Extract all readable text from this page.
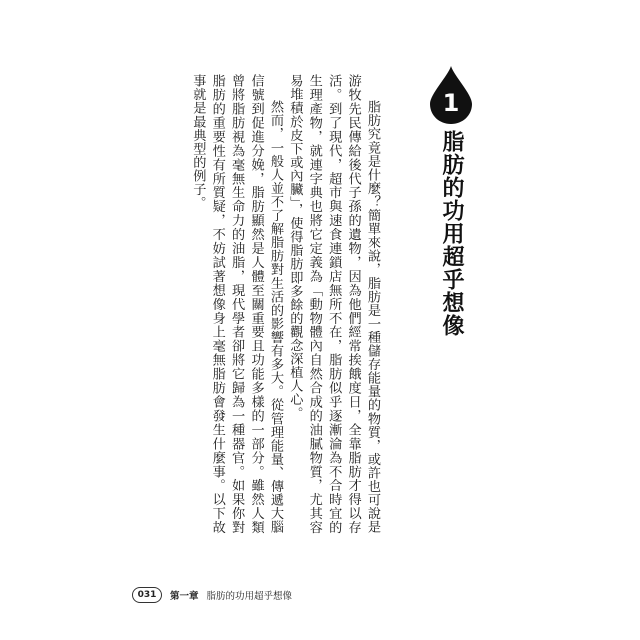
1
脂肪的功用超乎想像

脂肪究竟是什麼？簡單來說，脂肪是一種儲存能量的物質，或許也可說是游牧先民傳給後代子孫的遺物，因為他們經常挨餓度日，全靠脂肪才得以存活。到了現代，超市與速食連鎖店無所不在，脂肪似乎逐漸淪為不合時宜的生理產物，就連字典也將它定義為「動物體內自然合成的油膩物質，尤其容易堆積於皮下或內臟」，使得脂肪即多餘的觀念深植人心。

然而，一般人並不了解脂肪對生活的影響有多大。從管理能量、傳遞大腦信號到促進分娩，脂肪顯然是人體至關重要且功能多樣的一部分。雖然人類曾將脂肪視為毫無生命力的油脂，現代學者卻將它歸為一種器官。如果你對脂肪的重要性有所質疑，不妨試著想像身上毫無脂肪會發生什麼事。以下故事就是最典型的例子。

031	第一章 脂肪的功用超乎想像
